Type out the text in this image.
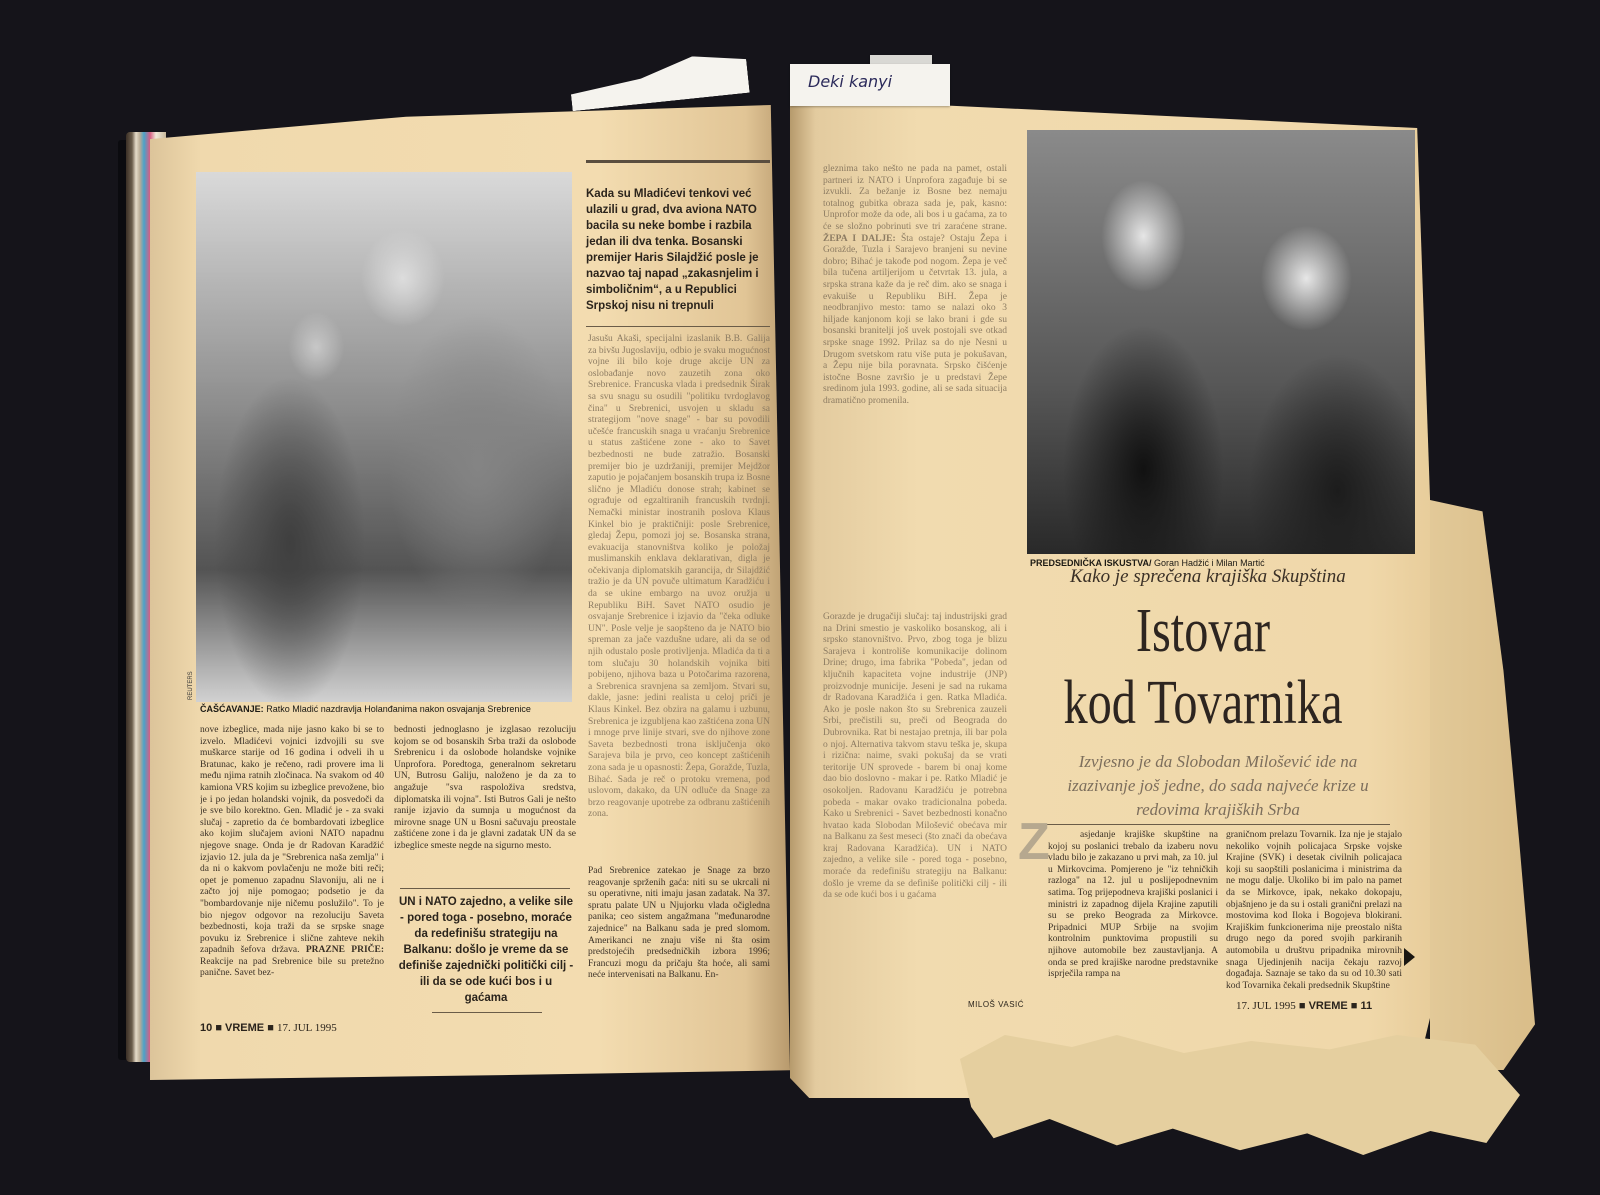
Deki kanyi
REUTERS
ČAŠĆAVANJE: Ratko Mladić nazdravlja Holanđanima nakon osvajanja Srebrenice
Kada su Mladićevi tenkovi već ulazili u grad, dva aviona NATO bacila su neke bombe i razbila jedan ili dva tenka. Bosanski premijer Haris Silajdžić posle je nazvao taj napad „zakasnjelim i simboličnim“, a u Republici Srpskoj nisu ni trepnuli
Jasušu Akaši, specijalni izaslanik B.B. Galija za bivšu Jugoslaviju, odbio je svaku mogućnost vojne ili bilo koje druge akcije UN za oslobađanje novo zauzetih zona oko Srebrenice. Francuska vlada i predsednik Širak sa svu snagu su osudili "politiku tvrdoglavog čina" u Srebrenici, usvojen u skladu sa strategijom "nove snage" - bar su povodili učešće francuskih snaga u vraćanju Srebrenice u status zaštićene zone - ako to Savet bezbednosti ne bude zatražio. Bosanski premijer bio je uzdržaniji, premijer Mejdžor zaputio je pojačanjem bosanskih trupa iz Bosne slično je Mladiću donose strah; kabinet se ograđuje od egzaltiranih francuskih tvrdnji. Nemački ministar inostranih poslova Klaus Kinkel bio je praktičniji: posle Srebrenice, gledaj Žepu, pomozi joj se. Bosanska strana, evakuacija stanovništva koliko je položaj muslimanskih enklava deklarativan, digla je očekivanja diplomatskih garancija, dr Silajdžić tražio je da UN povuče ultimatum Karadžiću i da se ukine embargo na uvoz oružja u Republiku BiH. Savet NATO osudio je osvajanje Srebrenice i izjavio da "čeka odluke UN". Posle velje je saopšteno da je NATO bio spreman za jače vazdušne udare, ali da se od njih odustalo posle protivljenja. Mladića da ti a tom slučaju 30 holandskih vojnika biti pobijeno, njihova baza u Potočarima razorena, a Srebrenica sravnjena sa zemljom. Stvari su, dakle, jasne: jedini realista u celoj priči je Klaus Kinkel. Bez obzira na galamu i uzbunu, Srebrenica je izgubljena kao zaštićena zona UN i mnoge prve linije stvari, sve do njihove zone Saveta bezbednosti trona isključenja oko Sarajeva bila je prvo, ceo koncept zaštićenih zona sada je u opasnosti: Žepa, Goražde, Tuzla, Bihać. Sada je reč o protoku vremena, pod uslovom, dakako, da UN odluče da Snage za brzo reagovanje upotrebe za odbranu zaštićenih zona.
nove izbeglice, mada nije jasno kako bi se to izvelo. Mladićevi vojnici izdvojili su sve muškarce starije od 16 godina i odveli ih u Bratunac, kako je rečeno, radi provere ima li među njima ratnih zločinaca. Na svakom od 40 kamiona VRS kojim su izbeglice prevožene, bio je i po jedan holandski vojnik, da posvedoči da je sve bilo korektno. Gen. Mladić je - za svaki slučaj - zapretio da će bombardovati izbeglice ako kojim slučajem avioni NATO napadnu njegove snage. Onda je dr Radovan Karadžić izjavio 12. jula da je "Srebrenica naša zemlja" i da ni o kakvom povlačenju ne može biti reči; opet je pomenuo zapadnu Slavoniju, ali ne i začto joj nije pomogao; podsetio je da "bombardovanje nije ničemu poslužilo". To je bio njegov odgovor na rezoluciju Saveta bezbednosti, koja traži da se srpske snage povuku iz Srebrenice i slične zahteve nekih zapadnih šefova država. PRAZNE PRIČE: Reakcije na pad Srebrenice bile su pretežno panične. Savet bez-
bednosti jednoglasno je izglasao rezoluciju kojom se od bosanskih Srba traži da oslobode Srebrenicu i da oslobode holandske vojnike Unprofora. Poredtoga, generalnom sekretaru UN, Butrosu Galiju, naloženo je da za to angažuje "sva raspoloživa sredstva, diplomatska ili vojna". Isti Butros Gali je nešto ranije izjavio da sumnja u mogućnost da mirovne snage UN u Bosni sačuvaju preostale zaštićene zone i da je glavni zadatak UN da se izbeglice smeste negde na sigurno mesto.
UN i NATO zajedno, a velike sile - pored toga - posebno, moraće da redefinišu strategiju na Balkanu: došlo je vreme da se definiše zajednički politički cilj - ili da se ode kući bos i u gaćama
Pad Srebrenice zatekao je Snage za brzo reagovanje sprženih gaća: niti su se ukrcali ni su operativne, niti imaju jasan zadatak. Na 37. spratu palate UN u Njujorku vlada očigledna panika; ceo sistem angažmana "međunarodne zajednice" na Balkanu sada je pred slomom. Amerikanci ne znaju više ni šta osim predstojećih predsedničkih izbora 1996; Francuzi mogu da pričaju šta hoće, ali sami neće intervenisati na Balkanu. En-
10 ■ VREME ■ 17. JUL 1995
gleznima tako nešto ne pada na pamet, ostali partneri iz NATO i Unprofora zagađuje bi se izvukli. Za bežanje iz Bosne bez nemaju totalnog gubitka obraza sada je, pak, kasno: Unprofor može da ode, ali bos i u gaćama, za to će se složno pobrinuti sve tri zaraćene strane. ŽEPA I DALJE: Šta ostaje? Ostaju Žepa i Goražde, Tuzla i Sarajevo branjeni su nevine dobro; Bihać je takođe pod nogom. Žepa je več bila tučena artiljerijom u četvrtak 13. jula, a srpska strana kaže da je reč dim. ako se snaga i evakuiše u Republiku BiH. Žepa je neodbranjivo mesto: tamo se nalazi oko 3 hiljade kanjonom koji se lako brani i gde su bosanski branitelji još uvek postojali sve otkad srpske snage 1992. Prilaz sa do nje Nesni u Drugom svetskom ratu više puta je pokušavan, a Žepu nije bila poravnata. Srpsko čišćenje istočne Bosne završio je u predstavi Žepe sredinom jula 1993. godine, ali se sada situacija dramatično promenila.
PREDSEDNIČKA ISKUSTVA/ Goran Hadžić i Milan Martić
Gorazde je drugačiji slučaj: taj industrijski grad na Drini smestio je vaskoliko bosanskog, ali i srpsko stanovništvo. Prvo, zbog toga je blizu Sarajeva i kontroliše komunikacije dolinom Drine; drugo, ima fabrika "Pobeda", jedan od ključnih kapaciteta vojne industrije (JNP) proizvodnje municije. Jeseni je sad na rukama dr Radovana Karadžića i gen. Ratka Mladića. Ako je posle nakon što su Srebrenica zauzeli Srbi, prečistili su, preči od Beograda do Dubrovnika. Rat bi nestajao pretnja, ili bar pola o njoj. Alternativa takvom stavu teška je, skupa i rizična: naime, svaki pokušaj da se vrati teritorije UN sprovede - barem bi onaj kome dao bio doslovno - makar i pe. Ratko Mladić je osokoljen. Radovanu Karadžiću je potrebna pobeda - makar ovako tradicionalna pobeda. Kako u Srebrenici - Savet bezbednosti konačno hvatao kada Slobodan Milošević obećava mir na Balkanu za šest meseci (što znači da obećava kraj Radovana Karadžića). UN i NATO zajedno, a velike sile - pored toga - posebno, moraće da redefinišu strategiju na Balkanu: došlo je vreme da se definiše politički cilj - ili da se ode kući bos i u gaćama
MILOŠ VASIĆ
Kako je sprečena krajiška Skupština
Istovar
kod Tovarnika
Izvjesno je da Slobodan Milošević ide na izazivanje još jedne, do sada najveće krize u redovima krajiških Srba
Z	asjedanje krajiške skupštine na kojoj su poslanici trebalo da izaberu novu vladu bilo je zakazano u prvi mah, za 10. jul u Mirkovcima. Pomjereno je "iz tehničkih razloga" na 12. jul u poslijepodnevnim satima. Tog prijepodneva krajiški poslanici i ministri iz zapadnog dijela Krajine zaputili su se preko Beograda za Mirkovce. Pripadnici MUP Srbije na svojim kontrolnim punktovima propustili su njihove automobile bez zaustavljanja. A onda se pred krajiške narodne predstavnike isprječila rampa na
graničnom prelazu Tovarnik. Iza nje je stajalo nekoliko vojnih policajaca Srpske vojske Krajine (SVK) i desetak civilnih policajaca koji su saopštili poslanicima i ministrima da ne mogu dalje. Ukoliko bi im palo na pamet da se Mirkovce, ipak, nekako dokopaju, objašnjeno je da su i ostali granični prelazi na mostovima kod Iloka i Bogojeva blokirani. Krajiškim funkcionerima nije preostalo ništa drugo nego da pored svojih parkiranih automobila u društvu pripadnika mirovnih snaga Ujedinjenih nacija čekaju razvoj događaja. Saznaje se tako da su od 10.30 sati kod Tovarnika čekali predsednik Skupštine
17. JUL 1995 ■ VREME ■ 11
